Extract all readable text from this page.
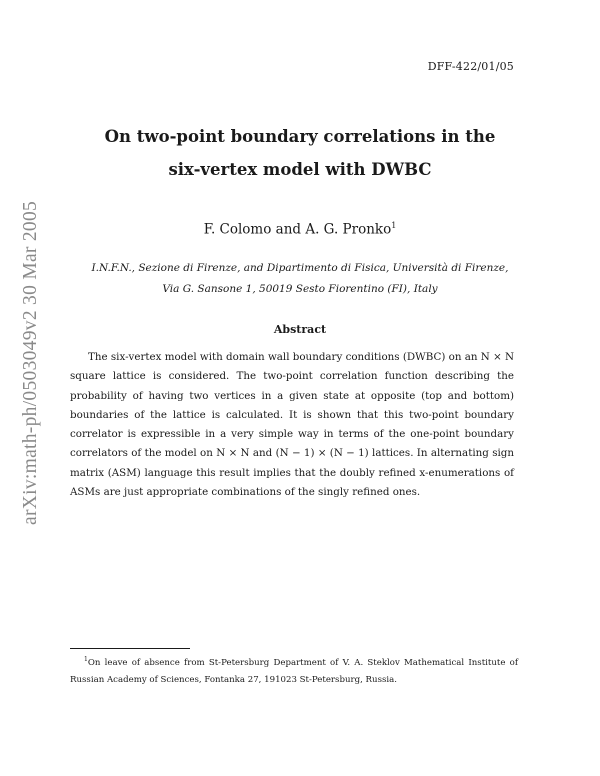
DFF-422/01/05
arXiv:math-ph/0503049v2 30 Mar 2005
On two-point boundary correlations in the
six-vertex model with DWBC
F. Colomo and A. G. Pronko$^1$
I.N.F.N., Sezione di Firenze, and Dipartimento di Fisica, Università di Firenze,
Via G. Sansone 1, 50019 Sesto Fiorentino (FI), Italy
Abstract
The six-vertex model with domain wall boundary conditions (DWBC) on an N × N square lattice is considered. The two-point correlation function describing the probability of having two vertices in a given state at opposite (top and bottom) boundaries of the lattice is calculated. It is shown that this two-point boundary correlator is expressible in a very simple way in terms of the one-point boundary correlators of the model on N × N and (N − 1) × (N − 1) lattices. In alternating sign matrix (ASM) language this result implies that the doubly refined x-enumerations of ASMs are just appropriate combinations of the singly refined ones.
$^1$On leave of absence from St-Petersburg Department of V. A. Steklov Mathematical Institute of Russian Academy of Sciences, Fontanka 27, 191023 St-Petersburg, Russia.
